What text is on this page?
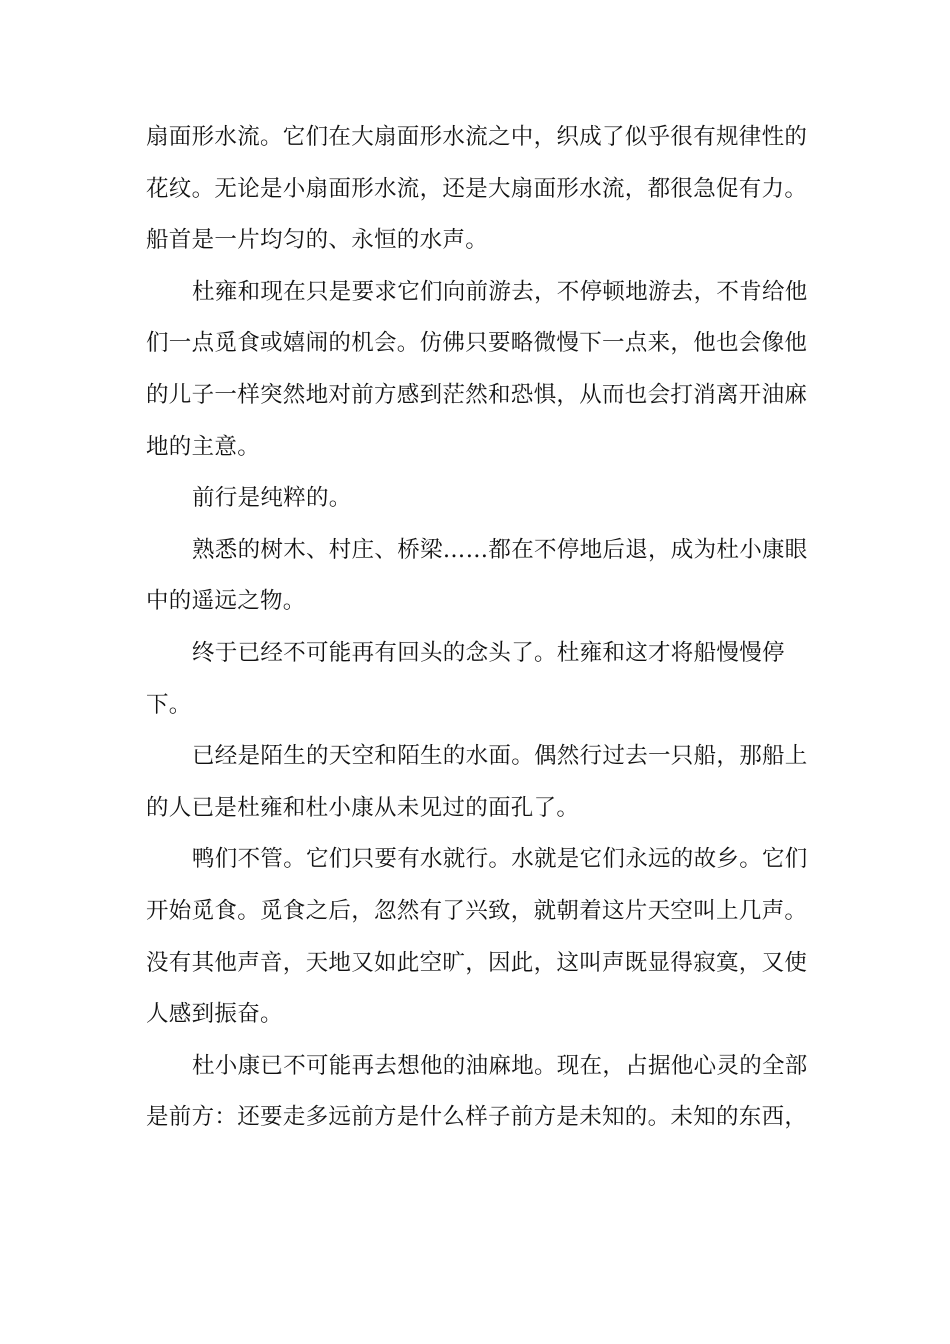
扇面形水流。它们在大扇面形水流之中，织成了似乎很有规律性的
花纹。无论是小扇面形水流，还是大扇面形水流，都很急促有力。
船首是一片均匀的、永恒的水声。
杜雍和现在只是要求它们向前游去，不停顿地游去，不肯给他
们一点觅食或嬉闹的机会。仿佛只要略微慢下一点来，他也会像他
的儿子一样突然地对前方感到茫然和恐惧，从而也会打消离开油麻
地的主意。
前行是纯粹的。
熟悉的树木、村庄、桥梁……都在不停地后退，成为杜小康眼
中的遥远之物。
终于已经不可能再有回头的念头了。杜雍和这才将船慢慢停
下。
已经是陌生的天空和陌生的水面。偶然行过去一只船，那船上
的人已是杜雍和杜小康从未见过的面孔了。
鸭们不管。它们只要有水就行。水就是它们永远的故乡。它们
开始觅食。觅食之后，忽然有了兴致，就朝着这片天空叫上几声。
没有其他声音，天地又如此空旷，因此，这叫声既显得寂寞，又使
人感到振奋。
杜小康已不可能再去想他的油麻地。现在，占据他心灵的全部
是前方：还要走多远前方是什么样子前方是未知的。未知的东西，
